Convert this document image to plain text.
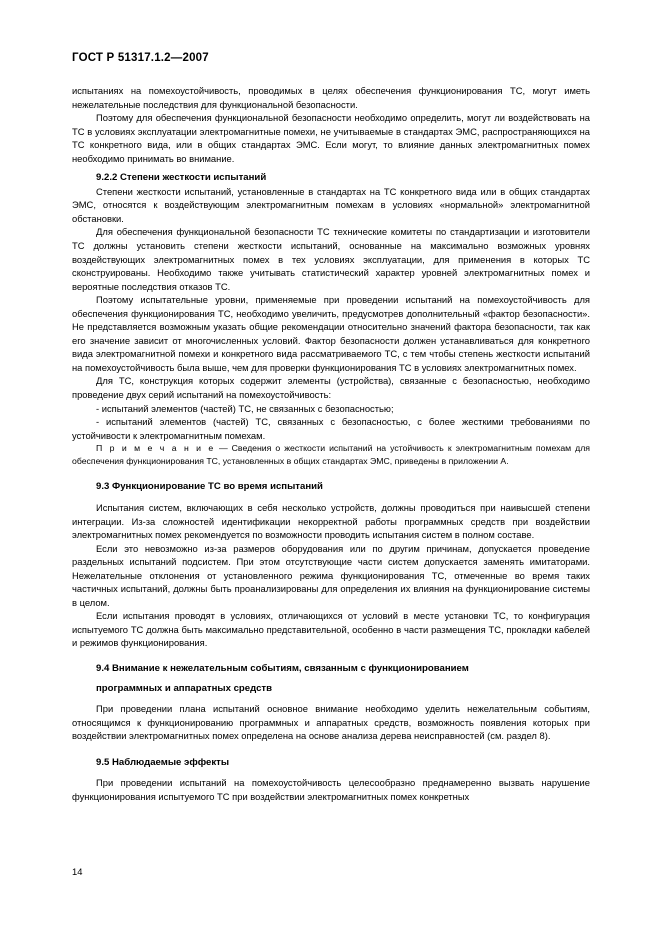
ГОСТ Р 51317.1.2—2007

испытаниях на помехоустойчивость, проводимых в целях обеспечения функционирования ТС, могут иметь нежелательные последствия для функциональной безопасности.

Поэтому для обеспечения функциональной безопасности необходимо определить, могут ли воздействовать на ТС в условиях эксплуатации электромагнитные помехи, не учитываемые в стандартах ЭМС, распространяющихся на ТС конкретного вида, или в общих стандартах ЭМС. Если могут, то влияние данных электромагнитных помех необходимо принимать во внимание.

9.2.2 Степени жесткости испытаний

Степени жесткости испытаний, установленные в стандартах на ТС конкретного вида или в общих стандартах ЭМС, относятся к воздействующим электромагнитным помехам в условиях «нормальной» электромагнитной обстановки.

Для обеспечения функциональной безопасности ТС технические комитеты по стандартизации и изготовители ТС должны установить степени жесткости испытаний, основанные на максимально возможных уровнях воздействующих электромагнитных помех в тех условиях эксплуатации, для применения в которых ТС сконструированы. Необходимо также учитывать статистический характер уровней электромагнитных помех и вероятные последствия отказов ТС.

Поэтому испытательные уровни, применяемые при проведении испытаний на помехоустойчивость для обеспечения функционирования ТС, необходимо увеличить, предусмотрев дополнительный «фактор безопасности». Не представляется возможным указать общие рекомендации относительно значений фактора безопасности, так как его значение зависит от многочисленных условий. Фактор безопасности должен устанавливаться для конкретного вида электромагнитной помехи и конкретного вида рассматриваемого ТС, с тем чтобы степень жесткости испытаний на помехоустойчивость была выше, чем для проверки функционирования ТС в условиях электромагнитных помех.

Для ТС, конструкция которых содержит элементы (устройства), связанные с безопасностью, необходимо проведение двух серий испытаний на помехоустойчивость:

- испытаний элементов (частей) ТС, не связанных с безопасностью;

- испытаний элементов (частей) ТС, связанных с безопасностью, с более жесткими требованиями по устойчивости к электромагнитным помехам.

П р и м е ч а н и е — Сведения о жесткости испытаний на устойчивость к электромагнитным помехам для обеспечения функционирования ТС, установленных в общих стандартах ЭМС, приведены в приложении А.

9.3 Функционирование ТС во время испытаний

Испытания систем, включающих в себя несколько устройств, должны проводиться при наивысшей степени интеграции. Из-за сложностей идентификации некорректной работы программных средств при воздействии электромагнитных помех рекомендуется по возможности проводить испытания систем в полном составе.

Если это невозможно из-за размеров оборудования или по другим причинам, допускается проведение раздельных испытаний подсистем. При этом отсутствующие части систем допускается заменять имитаторами. Нежелательные отклонения от установленного режима функционирования ТС, отмеченные во время таких частичных испытаний, должны быть проанализированы для определения их влияния на функционирование системы в целом.

Если испытания проводят в условиях, отличающихся от условий в месте установки ТС, то конфигурация испытуемого ТС должна быть максимально представительной, особенно в части размещения ТС, прокладки кабелей и режимов функционирования.

9.4 Внимание к нежелательным событиям, связанным с функционированием

программных и аппаратных средств

При проведении плана испытаний основное внимание необходимо уделить нежелательным событиям, относящимся к функционированию программных и аппаратных средств, возможность появления которых при воздействии электромагнитных помех определена на основе анализа дерева неисправностей (см. раздел 8).

9.5 Наблюдаемые эффекты

При проведении испытаний на помехоустойчивость целесообразно преднамеренно вызвать нарушение функционирования испытуемого ТС при воздействии электромагнитных помех конкретных

14
